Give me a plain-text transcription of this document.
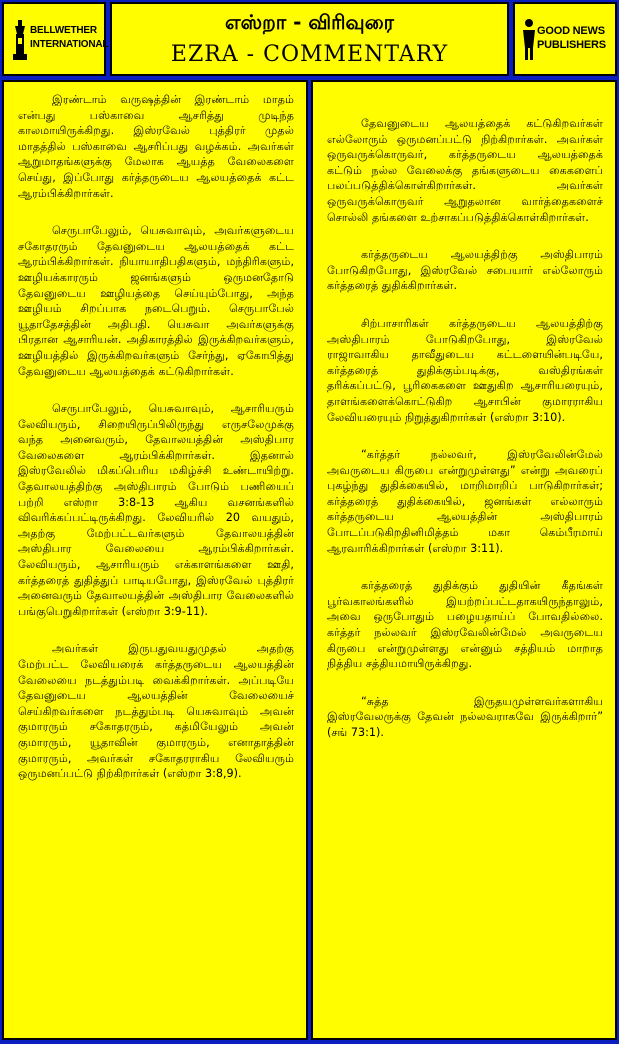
BELLWETHER
INTERNATIONAL
எஸ்றா - விரிவுரை
EZRA - COMMENTARY
GOOD NEWS
PUBLISHERS

இரண்டாம் வருஷத்தின் இரண்டாம் மாதம் என்பது பஸ்காவை ஆசரித்து முடிந்த காலமாயிருக்கிறது. இஸ்ரவேல் புத்திரர் முதல் மாதத்தில் பஸ்காவை ஆசரிப்பது வழக்கம். அவர்கள் ஆறுமாதங்களுக்கு மேலாக ஆயத்த வேலைகளை செய்து, இப்போது கர்த்தருடைய ஆலயத்தைக் கட்ட ஆரம்பிக்கிறார்கள்.

செருபாபேலும், யெசுவாவும், அவர்களுடைய சகோதரரும் தேவனுடைய ஆலயத்தைக் கட்ட ஆரம்பிக்கிறார்கள். நியாயாதிபதிகளும், மந்திரிகளும், ஊழியக்காரரும் ஜனங்களும் ஒருமனதோடு தேவனுடைய ஊழியத்தை செய்யும்போது, அந்த ஊழியம் சிறப்பாக நடைபெறும். செருபாபேல் யூதாதேசத்தின் அதிபதி. யெசுவா அவர்களுக்கு பிரதான ஆசாரியன். அதிகாரத்தில் இருக்கிறவர்களும், ஊழியத்தில் இருக்கிறவர்களும் சேர்ந்து, ஏகோபித்து தேவனுடைய ஆலயத்தைக் கட்டுகிறார்கள்.

செருபாபேலும், யெசுவாவும், ஆசாரியரும் லேவியரும், சிறையிருப்பிலிருந்து எருசலேமுக்கு வந்த அனைவரும், தேவாலயத்தின் அஸ்திபார வேலைகளை ஆரம்பிக்கிறார்கள். இதனால் இஸ்ரவேலில் மிகப்பெரிய மகிழ்ச்சி உண்டாயிற்று. தேவாலயத்திற்கு அஸ்திபாரம் போடும் பணியைப் பற்றி எஸ்றா 3:8-13 ஆகிய வசனங்களில் விவரிக்கப்பட்டிருக்கிறது. லேவியரில் 20 வயதும், அதற்கு மேற்பட்டவர்களும் தேவாலயத்தின் அஸ்திபார வேலையை ஆரம்பிக்கிறார்கள். லேவியரும், ஆசாரியரும் எக்காளங்களை ஊதி, கர்த்தரைத் துதித்துப் பாடியபோது, இஸ்ரவேல் புத்திரர் அனைவரும் தேவாலயத்தின் அஸ்திபார வேலைகளில் பங்குபெறுகிறார்கள் (எஸ்றா 3:9-11).

அவர்கள் இருபதுவயதுமுதல் அதற்கு மேற்பட்ட லேவியரைக் கர்த்தருடைய ஆலயத்தின் வேலையை நடத்தும்படி வைக்கிறார்கள். அப்படியே தேவனுடைய ஆலயத்தின் வேலையைச் செய்கிறவர்களை நடத்தும்படி யெசுவாவும் அவன் குமாரரும் சகோதரரும், கத்மியேலும் அவன் குமாரரும், யூதாவின் குமாரரும், எனாதாத்தின் குமாரரும், அவர்கள் சகோதரராகிய லேவியரும் ஒருமனப்பட்டு நிற்கிறார்கள் (எஸ்றா 3:8,9).

தேவனுடைய ஆலயத்தைக் கட்டுகிறவர்கள் எல்லோரும் ஒருமனப்பட்டு நிற்கிறார்கள். அவர்கள் ஒருவருக்கொருவர், கர்த்தருடைய ஆலயத்தைக் கட்டும் நல்ல வேலைக்கு தங்களுடைய கைகளைப் பலப்படுத்திக்கொள்கிறார்கள். அவர்கள் ஒருவருக்கொருவர் ஆறுதலான வார்த்தைகளைச் சொல்லி தங்களை உற்சாகப்படுத்திக்கொள்கிறார்கள்.

கர்த்தருடைய ஆலயத்திற்கு அஸ்திபாரம் போடுகிறபோது, இஸ்ரவேல் சபையார் எல்லோரும் கர்த்தரைத் துதிக்கிறார்கள்.

சிற்பாசாரிகள் கர்த்தருடைய ஆலயத்திற்கு அஸ்திபாரம் போடுகிறபோது, இஸ்ரவேல் ராஜாவாகிய தாவீதுடைய கட்டளையின்படியே, கர்த்தரைத் துதிக்கும்படிக்கு, வஸ்திரங்கள் தரிக்கப்பட்டு, பூரிகைகளை ஊதுகிற ஆசாரியரையும், தாளங்களைக்கொட்டுகிற ஆசாபின் குமாரராகிய லேவியரையும் நிறுத்துகிறார்கள் (எஸ்றா 3:10).

“கர்த்தர் நல்லவர், இஸ்ரவேலின்மேல் அவருடைய கிருபை என்றுமுள்ளது” என்று அவரைப் புகழ்ந்து துதிக்கையில், மாறிமாறிப் பாடுகிறார்கள்; கர்த்தரைத் துதிக்கையில், ஜனங்கள் எல்லாரும் கர்த்தருடைய ஆலயத்தின் அஸ்திபாரம் போடப்படுகிறதினிமித்தம் மகா கெம்பீரமாய் ஆரவாரிக்கிறார்கள் (எஸ்றா 3:11).

கர்த்தரைத் துதிக்கும் துதியின் கீதங்கள் பூர்வகாலங்களில் இயற்றப்பட்டதாகயிருந்தாலும், அவை ஒருபோதும் பழையதாய்ப் போவதில்லை. கர்த்தர் நல்லவர் இஸ்ரவேலின்மேல் அவருடைய கிருபை என்றுமுள்ளது என்னும் சத்தியம் மாறாத நித்திய சத்தியமாயிருக்கிறது.

“சுத்த இருதயமுள்ளவர்களாகிய இஸ்ரவேலருக்கு தேவன் நல்லவராகவே இருக்கிறார்” (சங் 73:1).
